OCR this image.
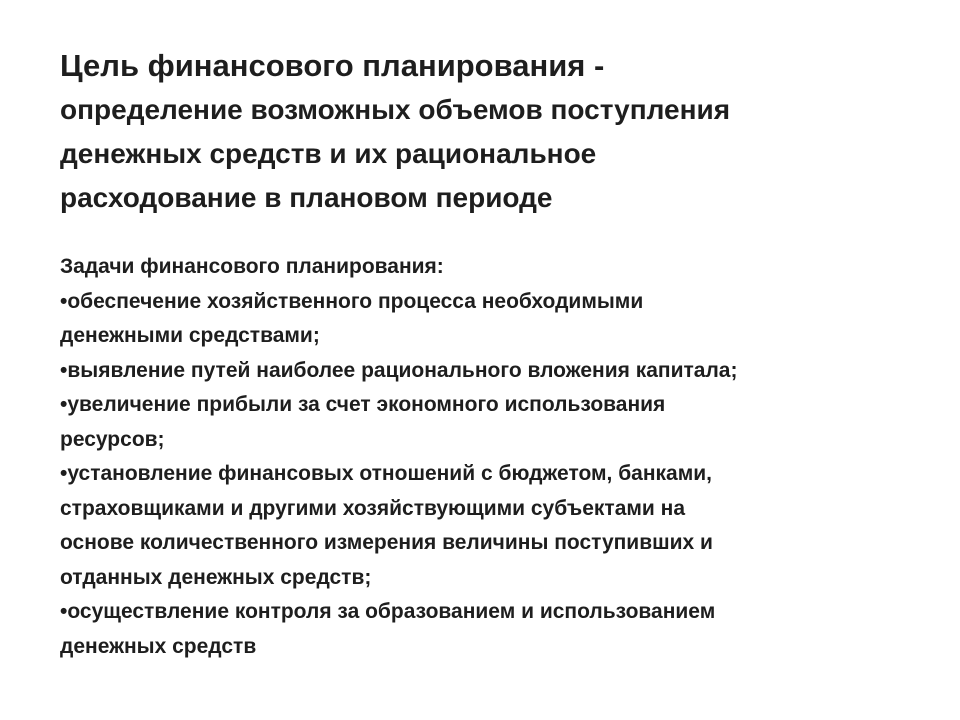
Цель финансового планирования -
определение возможных объемов поступления
денежных средств и их рациональное
расходование в плановом периоде
Задачи финансового планирования:
•обеспечение хозяйственного процесса необходимыми
денежными средствами;
•выявление путей наиболее рационального вложения капитала;
•увеличение прибыли за счет экономного использования
ресурсов;
•установление финансовых отношений с бюджетом, банками,
страховщиками и другими хозяйствующими субъектами на
основе количественного измерения величины поступивших и
отданных денежных средств;
•осуществление контроля за образованием и использованием
денежных средств
